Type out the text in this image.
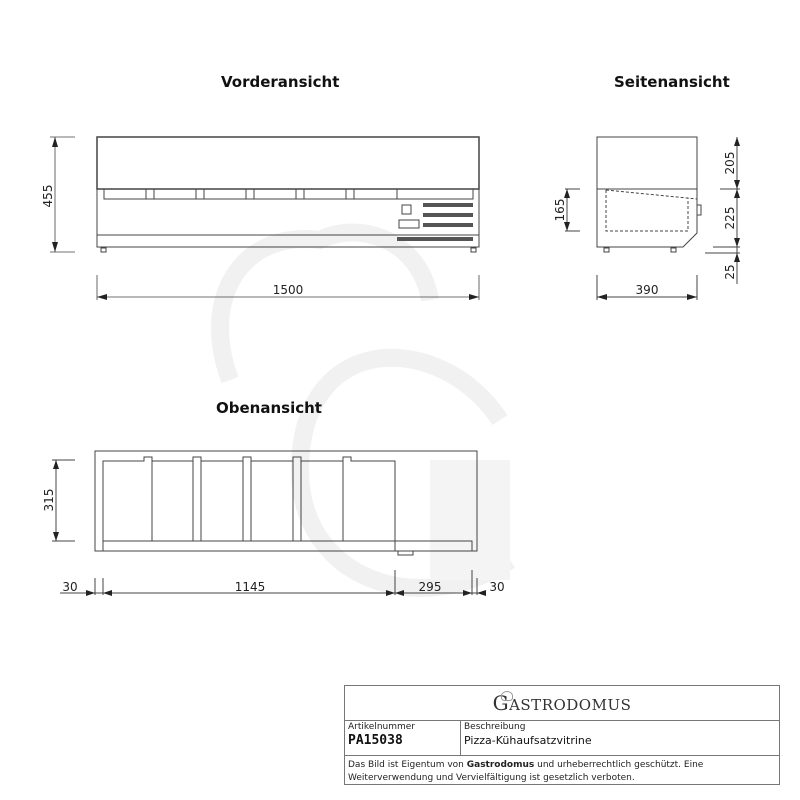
Vorderansicht	Seitenansicht
Obenansicht
455
1500
165
205
225
25
390
315
30	1145	295	30
GASTRODOMUS
Artikelnummer
PA15038
Beschreibung
Pizza-Kühaufsatzvitrine
Das Bild ist Eigentum von Gastrodomus und urheberrechtlich geschützt. Eine Weiterverwendung und Vervielfältigung ist gesetzlich verboten.
